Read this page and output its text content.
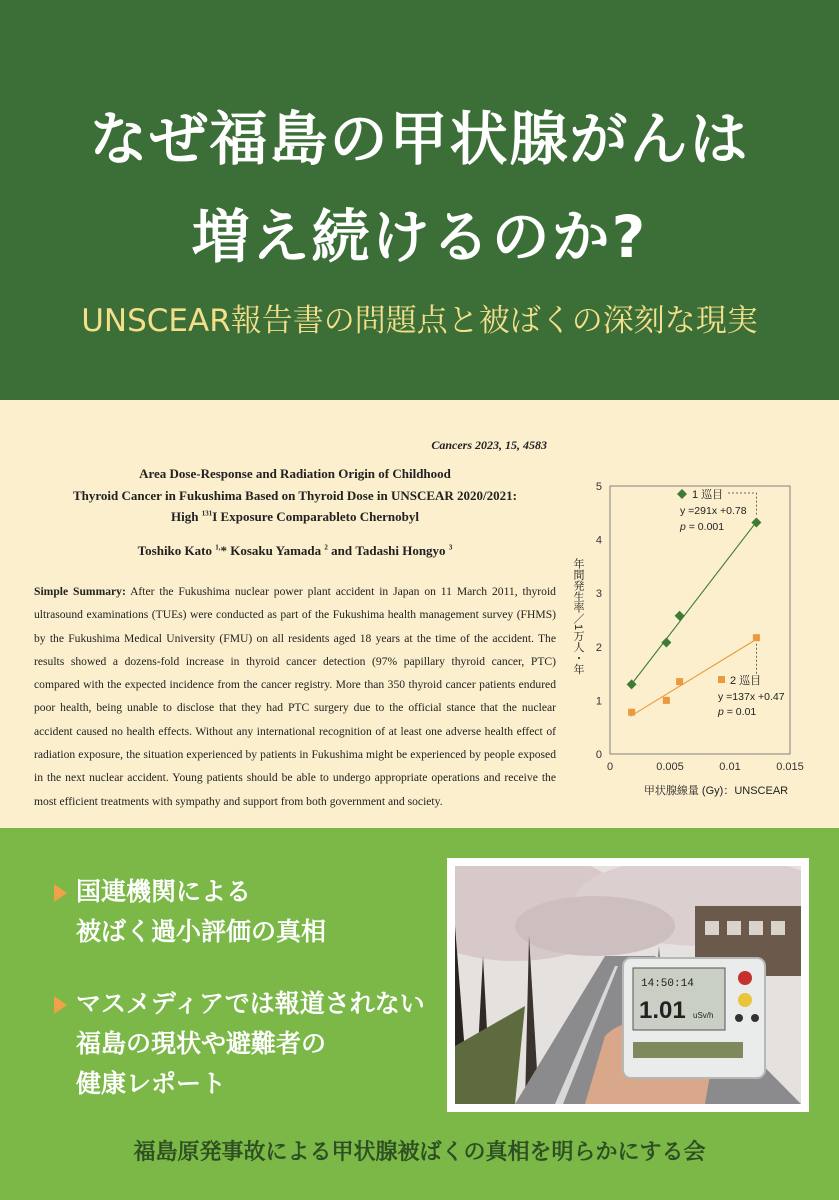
なぜ福島の甲状腺がんは
増え続けるのか?
UNSCEAR報告書の問題点と被ばくの深刻な現実
Cancers 2023, 15, 4583
Area Dose-Response and Radiation Origin of Childhood
Thyroid Cancer in Fukushima Based on Thyroid Dose in UNSCEAR 2020/2021:
High $^{131}$I Exposure Comparableto Chernobyl
Toshiko Kato $^{1,}$* Kosaku Yamada $^2$ and Tadashi Hongyo $^3$
Simple Summary: After the Fukushima nuclear power plant accident in Japan on 11 March 2011, thyroid ultrasound examinations (TUEs) were conducted as part of the Fukushima health management survey (FHMS) by the Fukushima Medical University (FMU) on all residents aged 18 years at the time of the accident. The results showed a dozens-fold increase in thyroid cancer detection (97% papillary thyroid cancer, PTC) compared with the expected incidence from the cancer registry. More than 350 thyroid cancer patients endured poor health, being unable to disclose that they had PTC surgery due to the official stance that the nuclear accident caused no health effects. Without any international recognition of at least one adverse health effect of radiation exposure, the situation experienced by patients in Fukushima might be experienced by people exposed in the next nuclear accident. Young patients should be able to undergo appropriate operations and receive the most efficient treatments with sympathy and support from both government and society.
0
1
2
3
4
5
0	0.005	0.01	0.015
甲状腺線量 (Gy)：UNSCEAR
年間発生率／1万人・年
1 巡目
y =291x +0.78
p = 0.001
2 巡目
y =137x +0.47
p = 0.01
国連機関による
被ばく過小評価の真相
マスメディアでは報道されない
福島の現状や避難者の
健康レポート
14:50:14
1.01 uSv/h
福島原発事故による甲状腺被ばくの真相を明らかにする会
